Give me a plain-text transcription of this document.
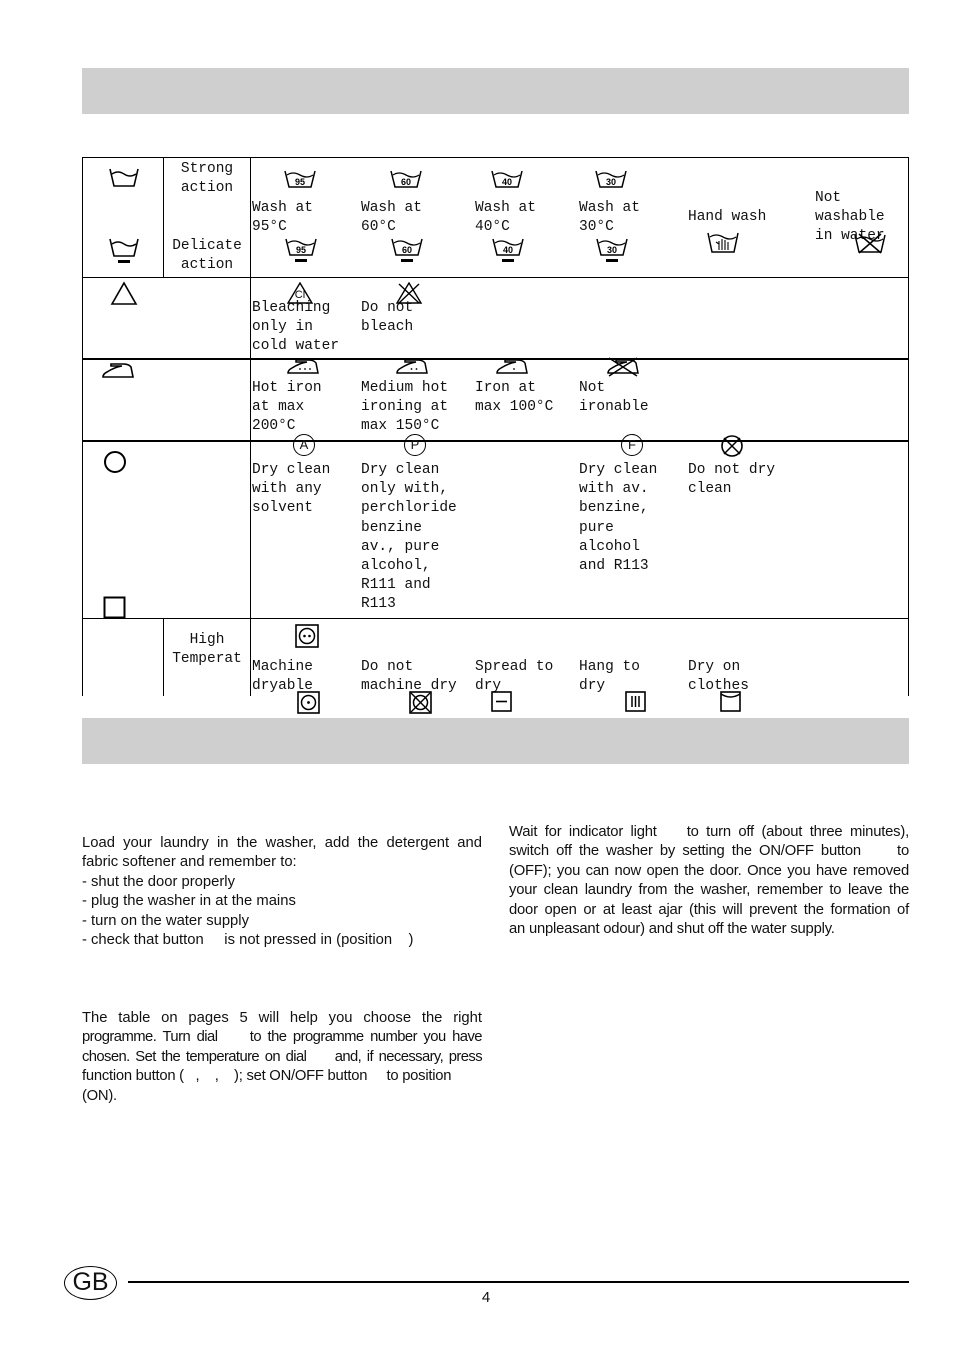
Strong
action
Delicate
action
95
95
60
60
40
40
30
30
Wash at
95°C
Wash at
60°C
Wash at
40°C
Wash at
30°C
Hand wash
Not
washable
in
Cl
Bleaching
only in
cold water
Do not
bleach
Hot iron
at max
200°C
Medium hot
ironing at
max 150°C
Iron at
max 100°C
Not
ironable
A	P	F
Dry clean
with any
solvent
Dry clean
only with,
perchloride
benzine
av., pure
alcohol,
R111 and
R113
Dry clean
with av.
benzine,
pure
alcohol
and R113
Do not dry
clean
High
Temperat Machine
dryable
Do not
machine dry
Spread to
dry
Hang to
dry
Dry on
clothes
Load your laundry in the washer, add the detergent and
fabric softener and remember to:
- shut the door properly
- plug the washer in at the mains
- turn on the water supply
- check that button     is not pressed in (position    )
The table on pages 5 will help you choose the right
programme. Turn dial     to the programme number you have
chosen. Set the temperature on dial     and, if necessary, press
function button (   ,    ,    ); set ON/OFF button     to position
(ON).
Wait for indicator light    to turn off (about three minutes),
switch off the washer by setting the ON/OFF button     to
(OFF); you can now open the door. Once you have removed
your clean laundry from the washer, remember to leave the
door open or at least ajar (this will prevent the formation of
an unpleasant odour) and shut off the water supply.
GB
4
